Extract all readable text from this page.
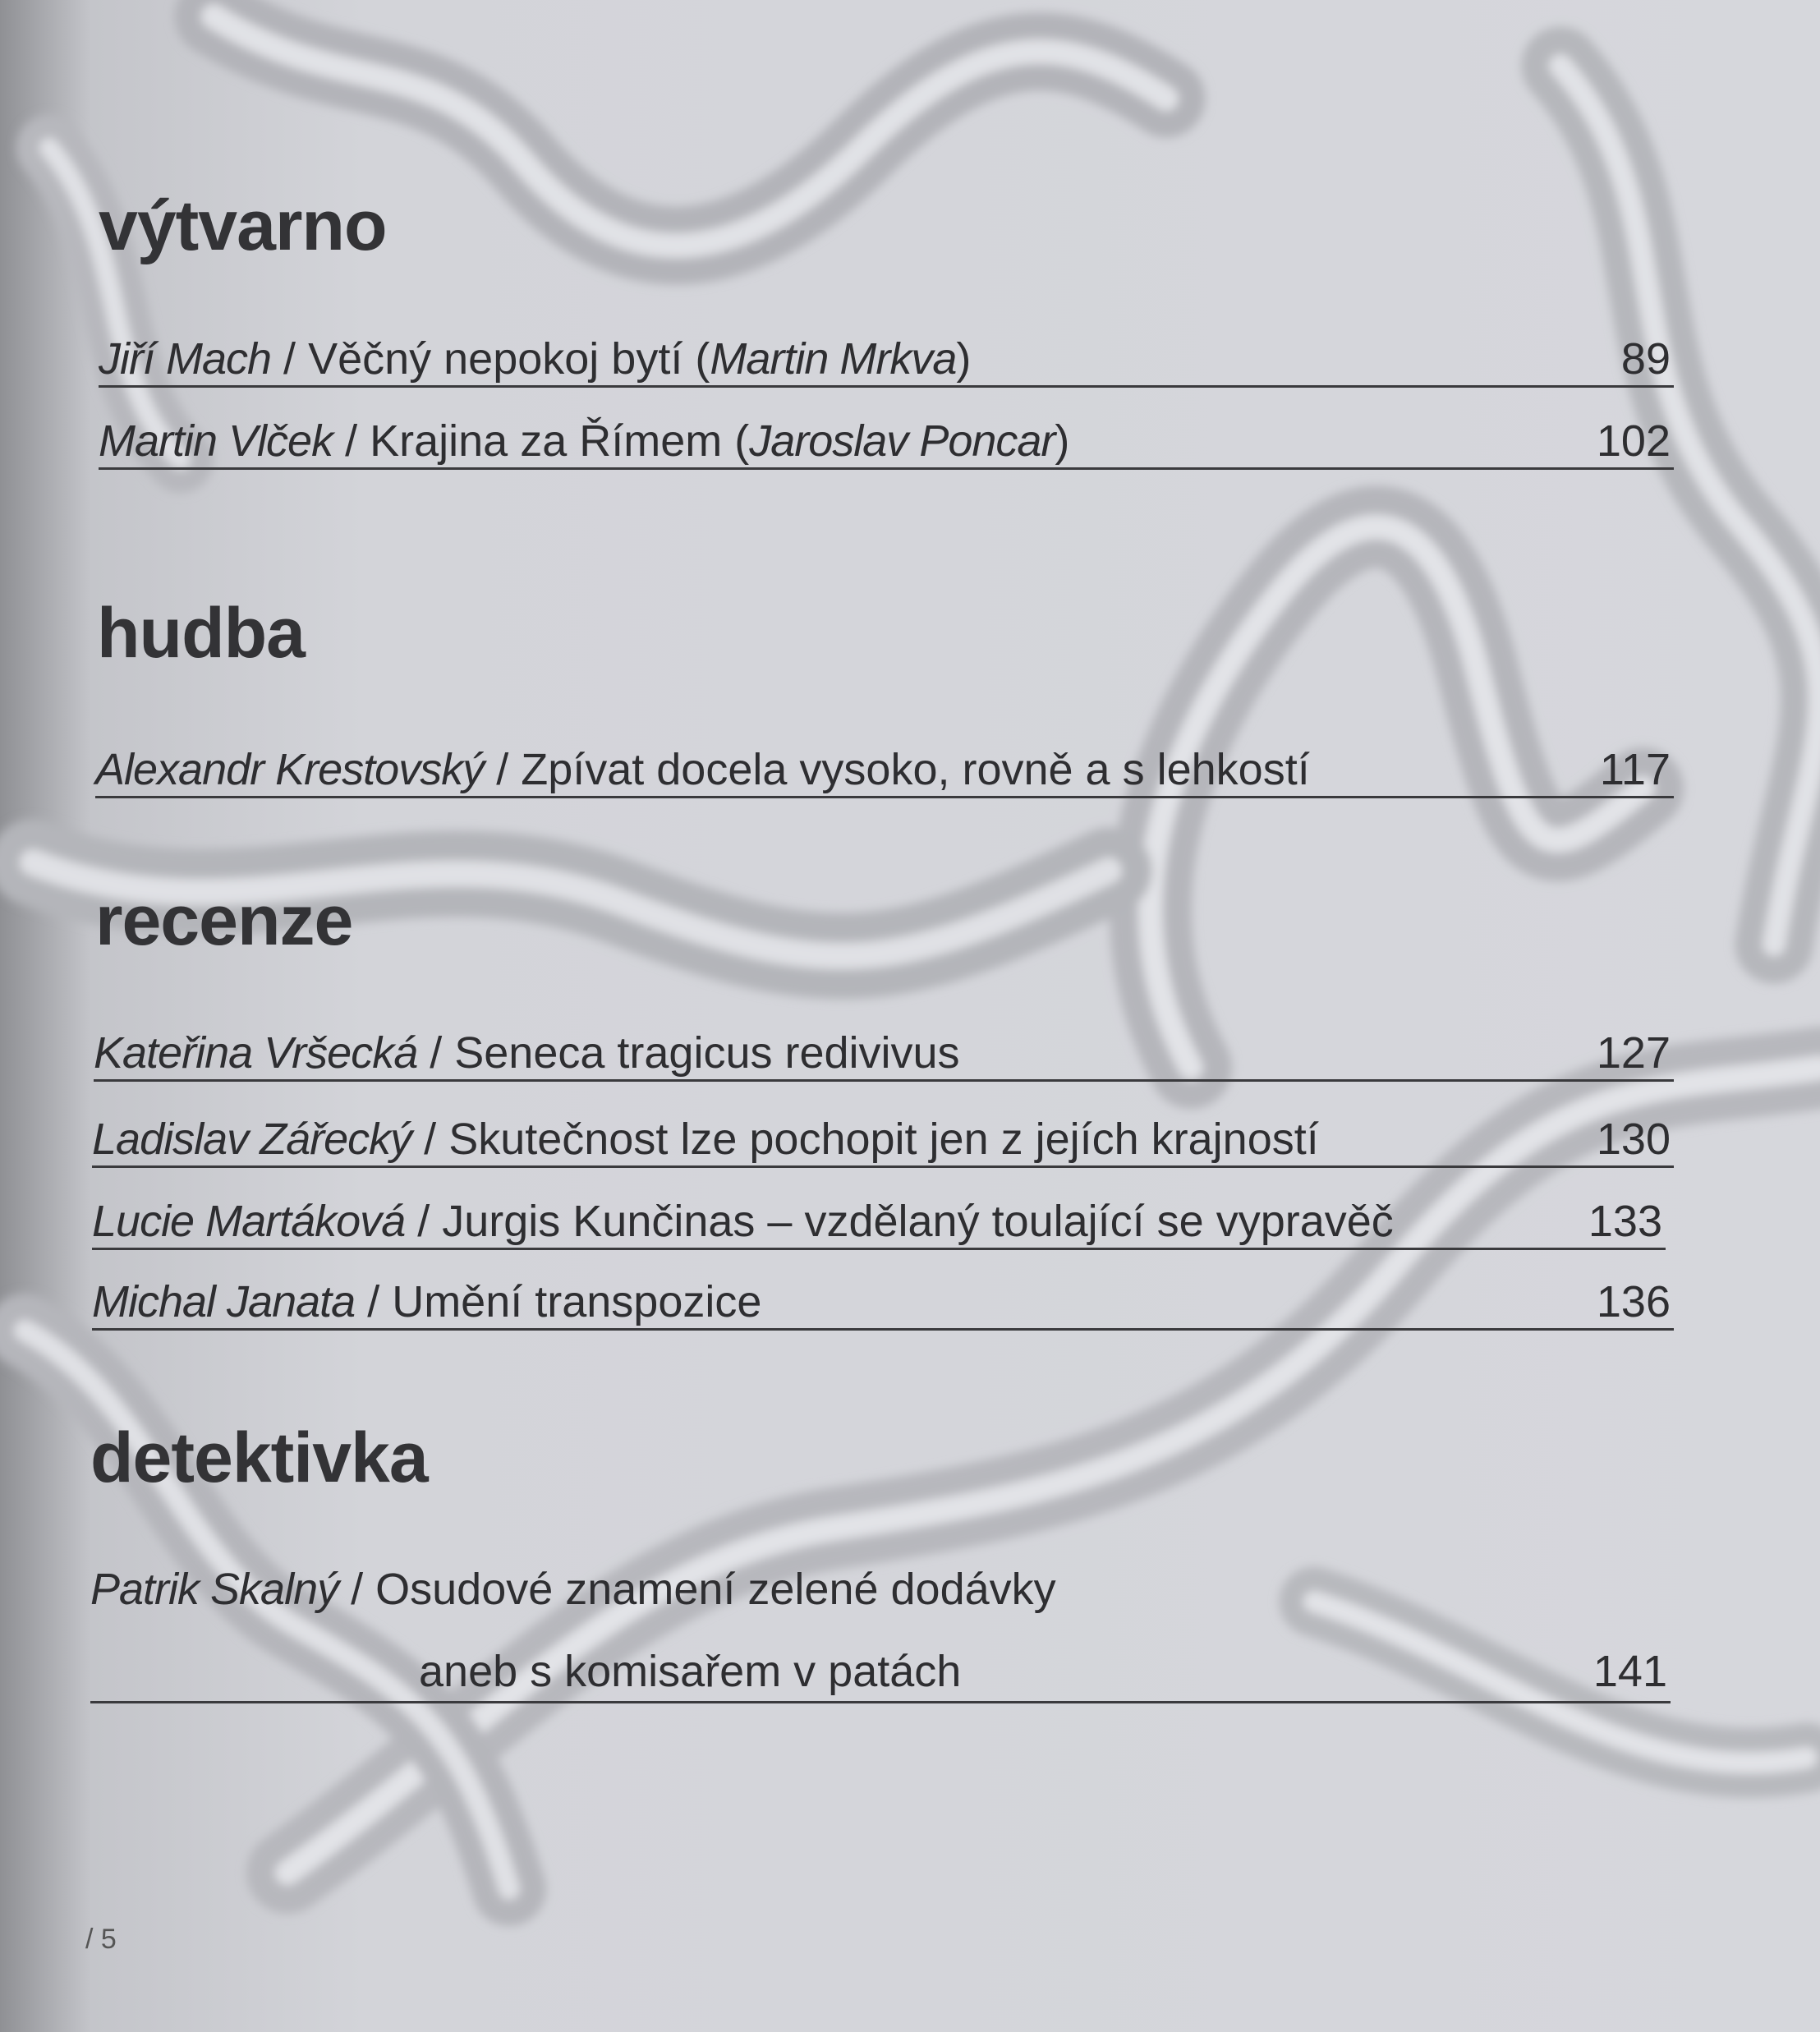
výtvarno
Jiří Mach / Věčný nepokoj bytí (Martin Mrkva)	89
Martin Vlček / Krajina za Římem (Jaroslav Poncar)	102
hudba
Alexandr Krestovský / Zpívat docela vysoko, rovně a s lehkostí	117
recenze
Kateřina Vršecká / Seneca tragicus redivivus	127
Ladislav Zářecký / Skutečnost lze pochopit jen z jejích krajností	130
Lucie Martáková / Jurgis Kunčinas – vzdělaný toulající se vypravěč	133
Michal Janata / Umění transpozice	136
detektivka
Patrik Skalný / Osudové znamení zelené dodávky
aneb s komisařem v patách	141
/ 5
